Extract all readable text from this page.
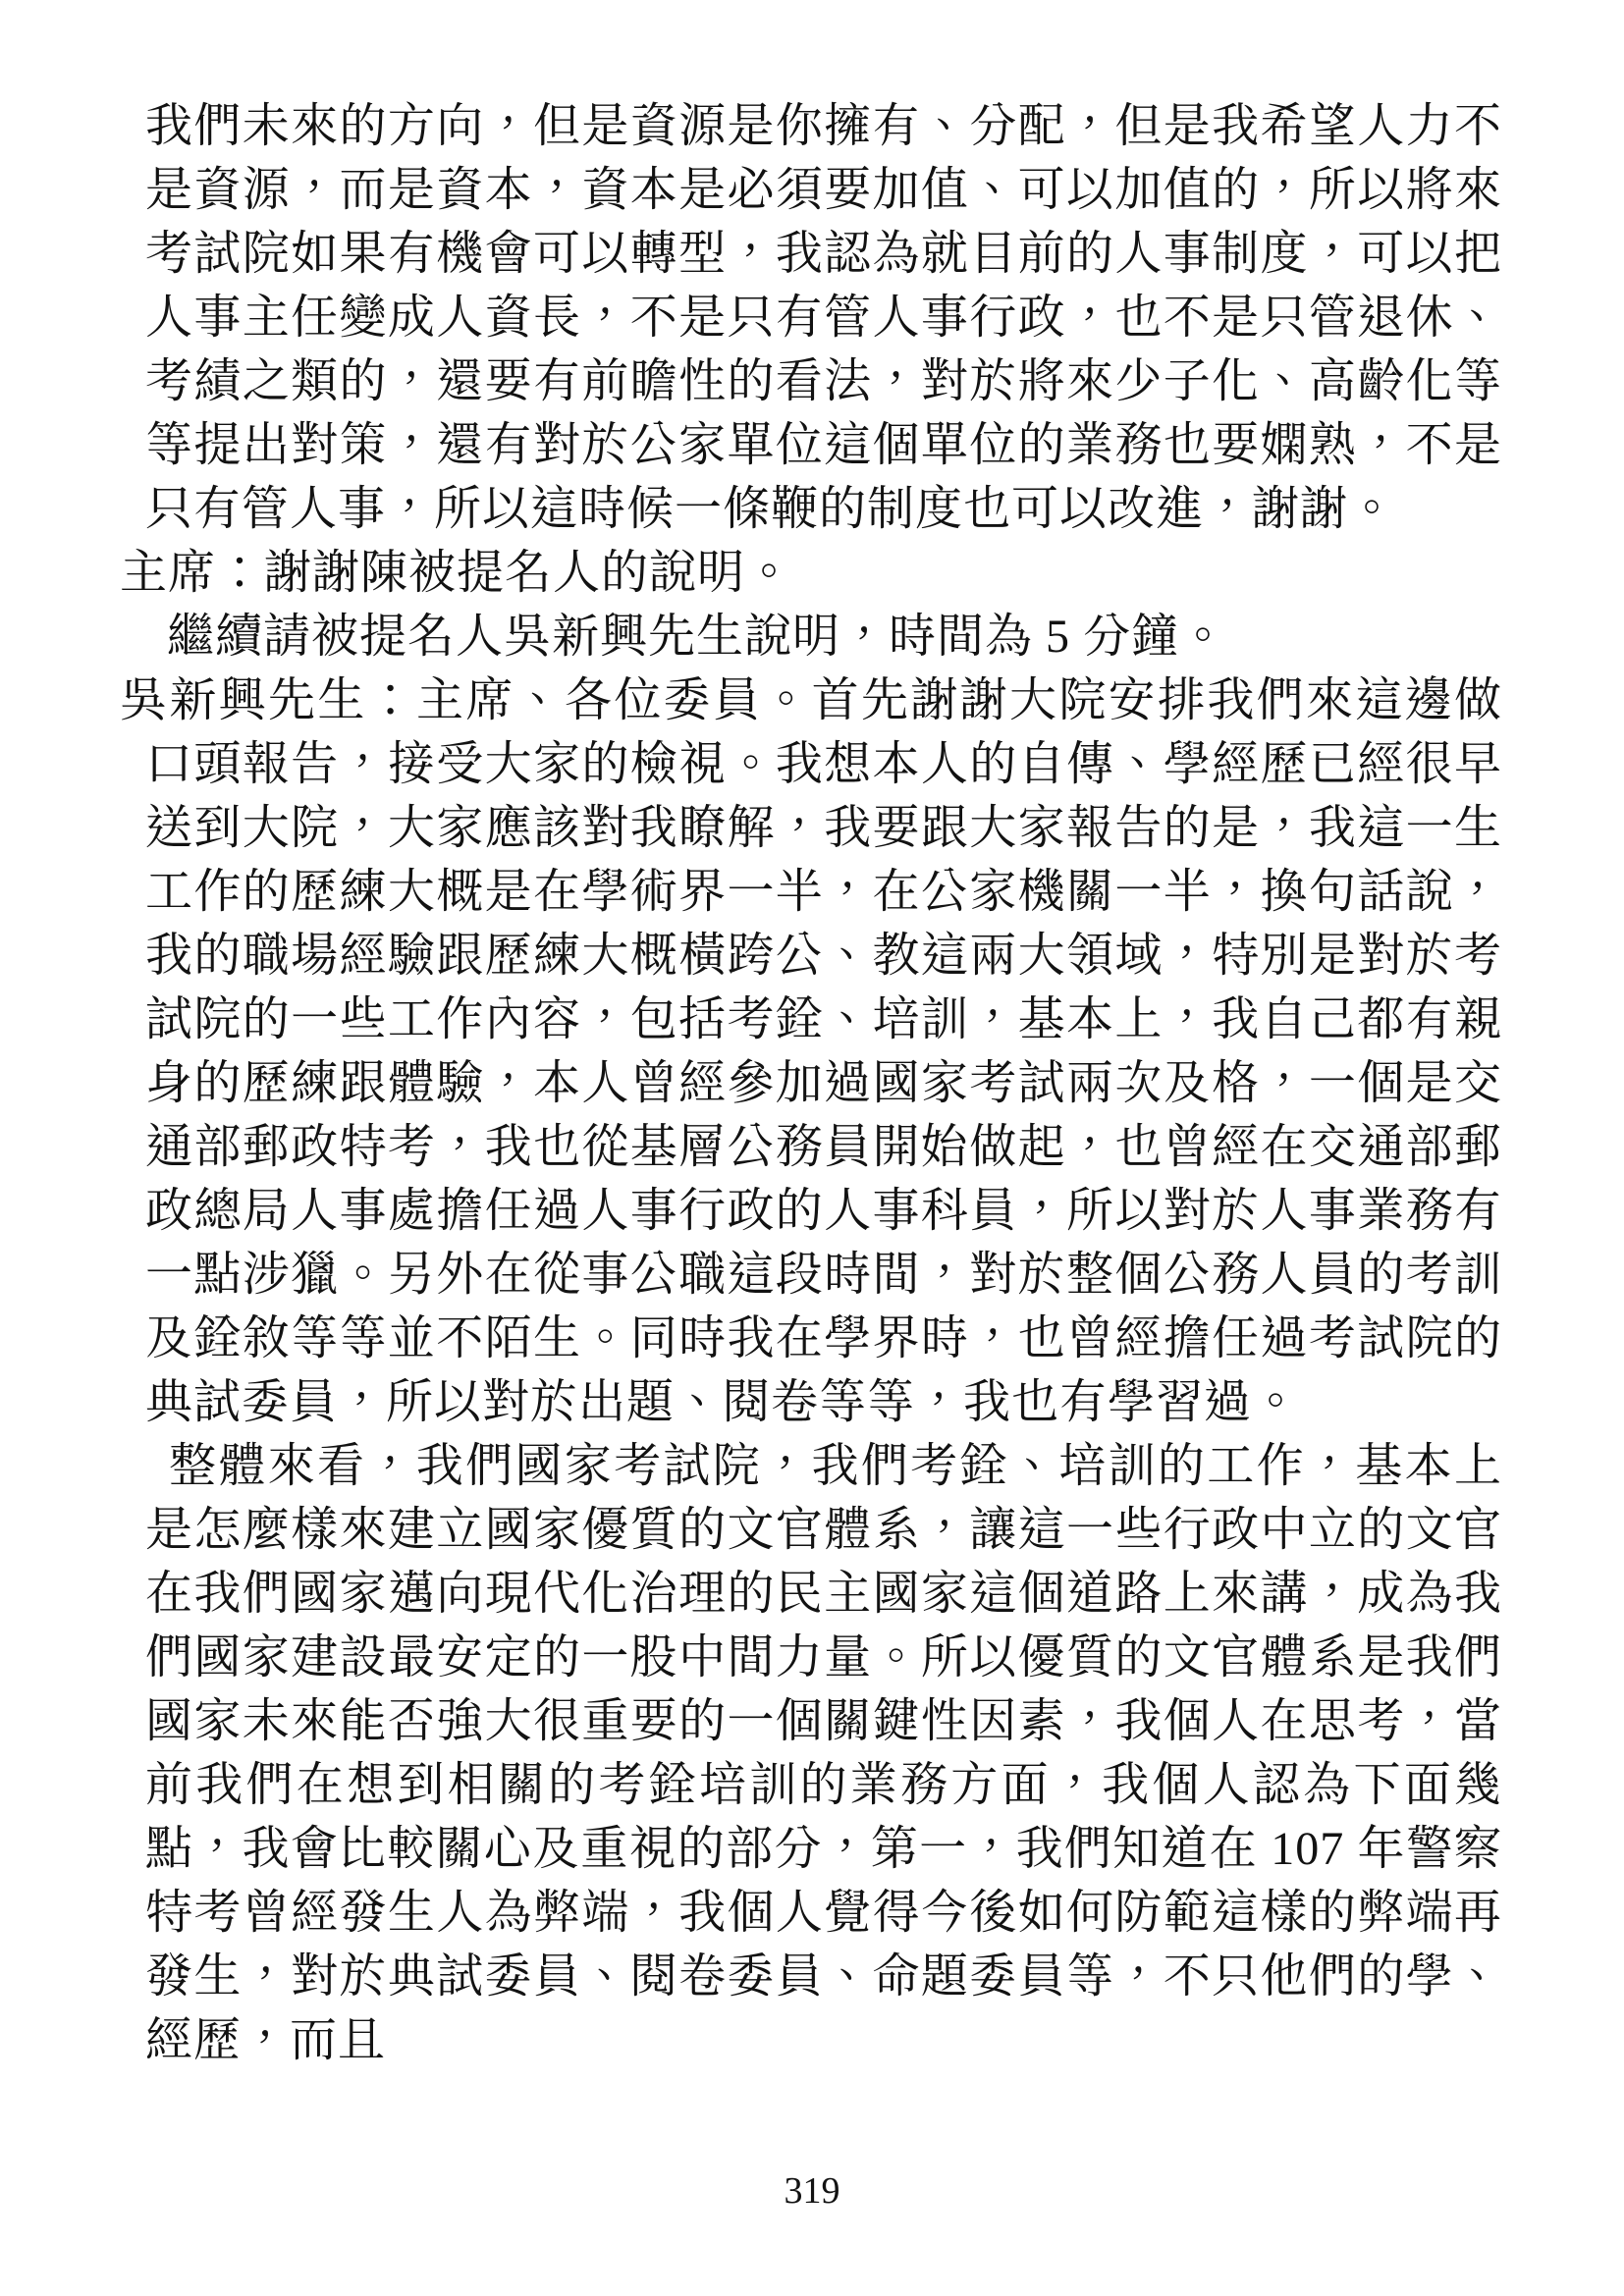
我們未來的方向，但是資源是你擁有、分配，但是我希望人力不是資源，而是資本，資本是必須要加值、可以加值的，所以將來考試院如果有機會可以轉型，我認為就目前的人事制度，可以把人事主任變成人資長，不是只有管人事行政，也不是只管退休、考績之類的，還要有前瞻性的看法，對於將來少子化、高齡化等等提出對策，還有對於公家單位這個單位的業務也要嫻熟，不是只有管人事，所以這時候一條鞭的制度也可以改進，謝謝。

主席：謝謝陳被提名人的說明。

繼續請被提名人吳新興先生說明，時間為 5 分鐘。

吳新興先生：主席、各位委員。首先謝謝大院安排我們來這邊做口頭報告，接受大家的檢視。我想本人的自傳、學經歷已經很早送到大院，大家應該對我瞭解，我要跟大家報告的是，我這一生工作的歷練大概是在學術界一半，在公家機關一半，換句話說，我的職場經驗跟歷練大概橫跨公、教這兩大領域，特別是對於考試院的一些工作內容，包括考銓、培訓，基本上，我自己都有親身的歷練跟體驗，本人曾經參加過國家考試兩次及格，一個是交通部郵政特考，我也從基層公務員開始做起，也曾經在交通部郵政總局人事處擔任過人事行政的人事科員，所以對於人事業務有一點涉獵。另外在從事公職這段時間，對於整個公務人員的考訓及銓敘等等並不陌生。同時我在學界時，也曾經擔任過考試院的典試委員，所以對於出題、閱卷等等，我也有學習過。

整體來看，我們國家考試院，我們考銓、培訓的工作，基本上是怎麼樣來建立國家優質的文官體系，讓這一些行政中立的文官在我們國家邁向現代化治理的民主國家這個道路上來講，成為我們國家建設最安定的一股中間力量。所以優質的文官體系是我們國家未來能否強大很重要的一個關鍵性因素，我個人在思考，當前我們在想到相關的考銓培訓的業務方面，我個人認為下面幾點，我會比較關心及重視的部分，第一，我們知道在 107 年警察特考曾經發生人為弊端，我個人覺得今後如何防範這樣的弊端再發生，對於典試委員、閱卷委員、命題委員等，不只他們的學、經歷，而且

319
